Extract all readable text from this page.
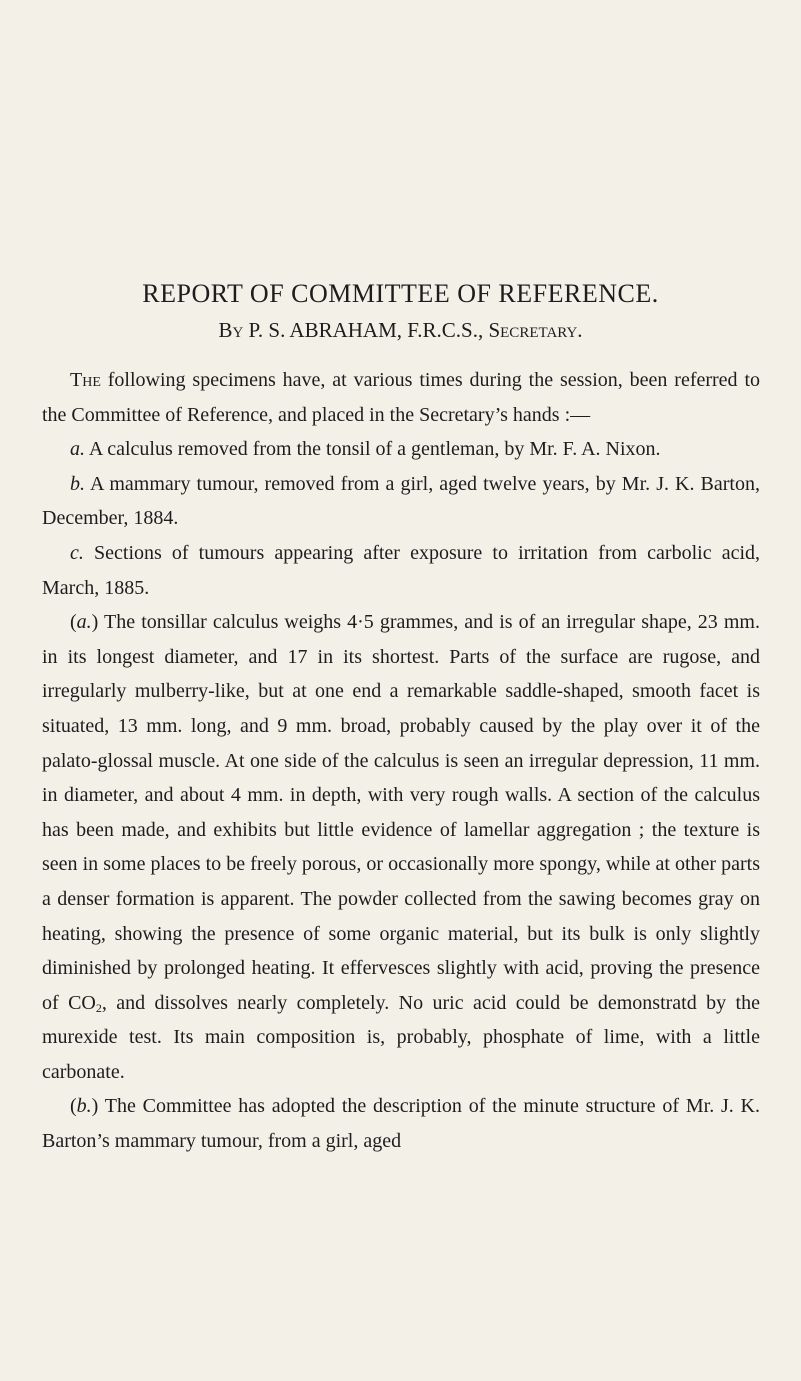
REPORT OF COMMITTEE OF REFERENCE.
By P. S. ABRAHAM, F.R.C.S., Secretary.

The following specimens have, at various times during the session, been referred to the Committee of Reference, and placed in the Secretary’s hands :—

a. A calculus removed from the tonsil of a gentleman, by Mr. F. A. Nixon.

b. A mammary tumour, removed from a girl, aged twelve years, by Mr. J. K. Barton, December, 1884.

c. Sections of tumours appearing after exposure to irritation from carbolic acid, March, 1885.

(a.) The tonsillar calculus weighs 4·5 grammes, and is of an irregular shape, 23 mm. in its longest diameter, and 17 in its shortest. Parts of the surface are rugose, and irregularly mulberry-like, but at one end a remarkable saddle-shaped, smooth facet is situated, 13 mm. long, and 9 mm. broad, probably caused by the play over it of the palato-glossal muscle. At one side of the calculus is seen an irregular depression, 11 mm. in diameter, and about 4 mm. in depth, with very rough walls. A section of the calculus has been made, and exhibits but little evidence of lamellar aggregation ; the texture is seen in some places to be freely porous, or occasionally more spongy, while at other parts a denser formation is apparent. The powder collected from the sawing becomes gray on heating, showing the presence of some organic material, but its bulk is only slightly diminished by prolonged heating. It effervesces slightly with acid, proving the presence of $CO_2$, and dissolves nearly completely. No uric acid could be demonstratd by the murexide test. Its main composition is, probably, phosphate of lime, with a little carbonate.

(b.) The Committee has adopted the description of the minute structure of Mr. J. K. Barton’s mammary tumour, from a girl, aged
